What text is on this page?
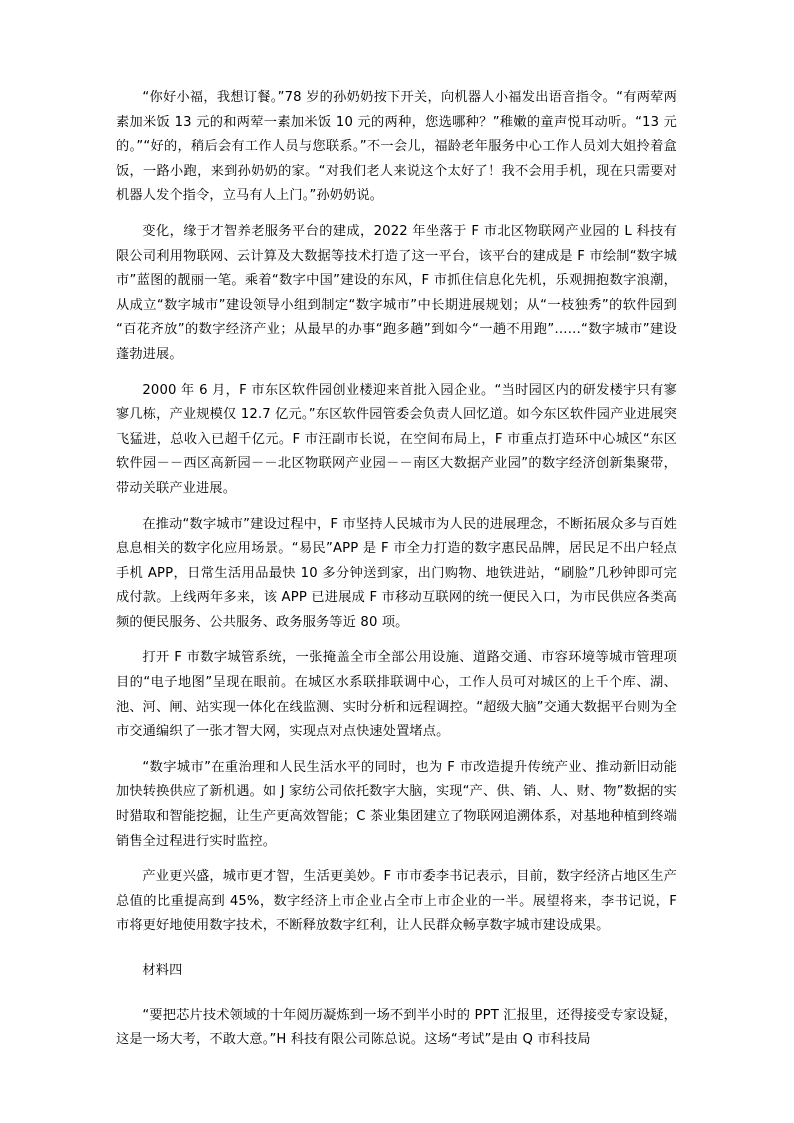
“你好小福，我想订餐。”78 岁的孙奶奶按下开关，向机器人小福发出语音指令。“有两荤两素加米饭 13 元的和两荤一素加米饭 10 元的两种，您选哪种？”稚嫩的童声悦耳动听。“13 元的。”“好的，稍后会有工作人员与您联系。”不一会儿，福龄老年服务中心工作人员刘大姐拎着盒饭，一路小跑，来到孙奶奶的家。“对我们老人来说这个太好了！我不会用手机，现在只需要对机器人发个指令，立马有人上门。”孙奶奶说。

变化，缘于才智养老服务平台的建成，2022 年坐落于 F 市北区物联网产业园的 L 科技有限公司利用物联网、云计算及大数据等技术打造了这一平台，该平台的建成是 F 市绘制“数字城市”蓝图的靓丽一笔。乘着“数字中国”建设的东风，F 市抓住信息化先机，乐观拥抱数字浪潮，从成立“数字城市”建设领导小组到制定“数字城市”中长期进展规划；从“一枝独秀”的软件园到“百花齐放”的数字经济产业；从最早的办事“跑多趟”到如今“一趟不用跑”……“数字城市”建设蓬勃进展。

2000 年 6 月，F 市东区软件园创业楼迎来首批入园企业。“当时园区内的研发楼宇只有寥寥几栋，产业规模仅 12.7 亿元。”东区软件园管委会负责人回忆道。如今东区软件园产业进展突飞猛进，总收入已超千亿元。F 市汪副市长说，在空间布局上，F 市重点打造环中心城区“东区软件园－－西区高新园－－北区物联网产业园－－南区大数据产业园”的数字经济创新集聚带，带动关联产业进展。

在推动“数字城市”建设过程中，F 市坚持人民城市为人民的进展理念，不断拓展众多与百姓息息相关的数字化应用场景。“易民”APP 是 F 市全力打造的数字惠民品牌，居民足不出户轻点手机 APP，日常生活用品最快 10 多分钟送到家，出门购物、地铁进站，“刷脸”几秒钟即可完成付款。上线两年多来，该 APP 已进展成 F 市移动互联网的统一便民入口，为市民供应各类高频的便民服务、公共服务、政务服务等近 80 项。

打开 F 市数字城管系统，一张掩盖全市全部公用设施、道路交通、市容环境等城市管理项目的“电子地图”呈现在眼前。在城区水系联排联调中心，工作人员可对城区的上千个库、湖、池、河、闸、站实现一体化在线监测、实时分析和远程调控。“超级大脑”交通大数据平台则为全市交通编织了一张才智大网，实现点对点快速处置堵点。

“数字城市”在重治理和人民生活水平的同时，也为 F 市改造提升传统产业、推动新旧动能加快转换供应了新机遇。如 J 家纺公司依托数字大脑，实现“产、供、销、人、财、物”数据的实时猎取和智能挖掘，让生产更高效智能；C 茶业集团建立了物联网追溯体系，对基地种植到终端销售全过程进行实时监控。

产业更兴盛，城市更才智，生活更美妙。F 市市委李书记表示，目前，数字经济占地区生产总值的比重提高到 45%，数字经济上市企业占全市上市企业的一半。展望将来，李书记说，F 市将更好地使用数字技术，不断释放数字红利，让人民群众畅享数字城市建设成果。

材料四

“要把芯片技术领域的十年阅历凝炼到一场不到半小时的 PPT 汇报里，还得接受专家设疑，这是一场大考，不敢大意。”H 科技有限公司陈总说。这场“考试”是由 Q 市科技局
